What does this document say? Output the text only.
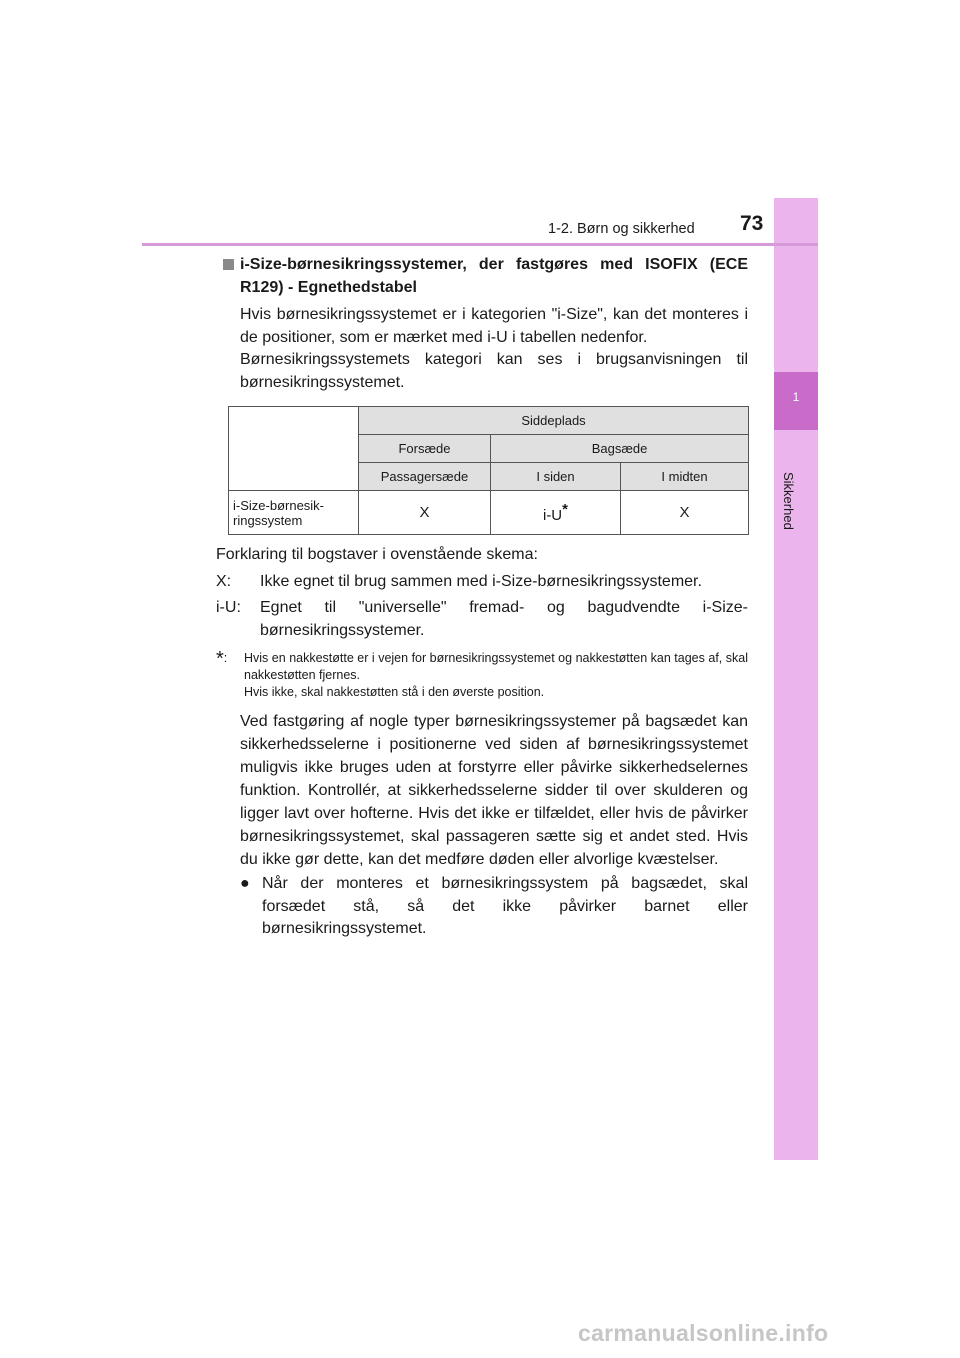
1
Sikkerhed
1-2. Børn og sikkerhed	73
i-Size-børnesikringssystemer, der fastgøres med ISOFIX (ECE R129) - Egnethedstabel
Hvis børnesikringssystemet er i kategorien "i-Size", kan det monteres i de positioner, som er mærket med i-U i tabellen nedenfor.
Børnesikringssystemets kategori kan ses i brugsanvisningen til børnesikringssystemet.
	Siddeplads		
	Forsæde	Bagsæde	
	Passagersæde	I siden	I midten
i-Size-børnesik-ringssystem	X	i-U*	X
Forklaring til bogstaver i ovenstående skema:
X:	Ikke egnet til brug sammen med i-Size-børnesikringssystemer.
i-U:	Egnet til "universelle" fremad- og bagudvendte i-Size-børnesikringssystemer.
*:	Hvis en nakkestøtte er i vejen for børnesikringssystemet og nakkestøtten kan tages af, skal nakkestøtten fjernes.
Hvis ikke, skal nakkestøtten stå i den øverste position.
Ved fastgøring af nogle typer børnesikringssystemer på bagsædet kan sikkerhedsselerne i positionerne ved siden af børnesikringssystemet muligvis ikke bruges uden at forstyrre eller påvirke sikkerhedselernes funktion. Kontrollér, at sikkerhedsselerne sidder til over skulderen og ligger lavt over hofterne. Hvis det ikke er tilfældet, eller hvis de påvirker børnesikringssystemet, skal passageren sætte sig et andet sted. Hvis du ikke gør dette, kan det medføre døden eller alvorlige kvæstelser.
● Når der monteres et børnesikringssystem på bagsædet, skal forsædet stå, så det ikke påvirker barnet eller børnesikringssystemet.
carmanualsonline.info
